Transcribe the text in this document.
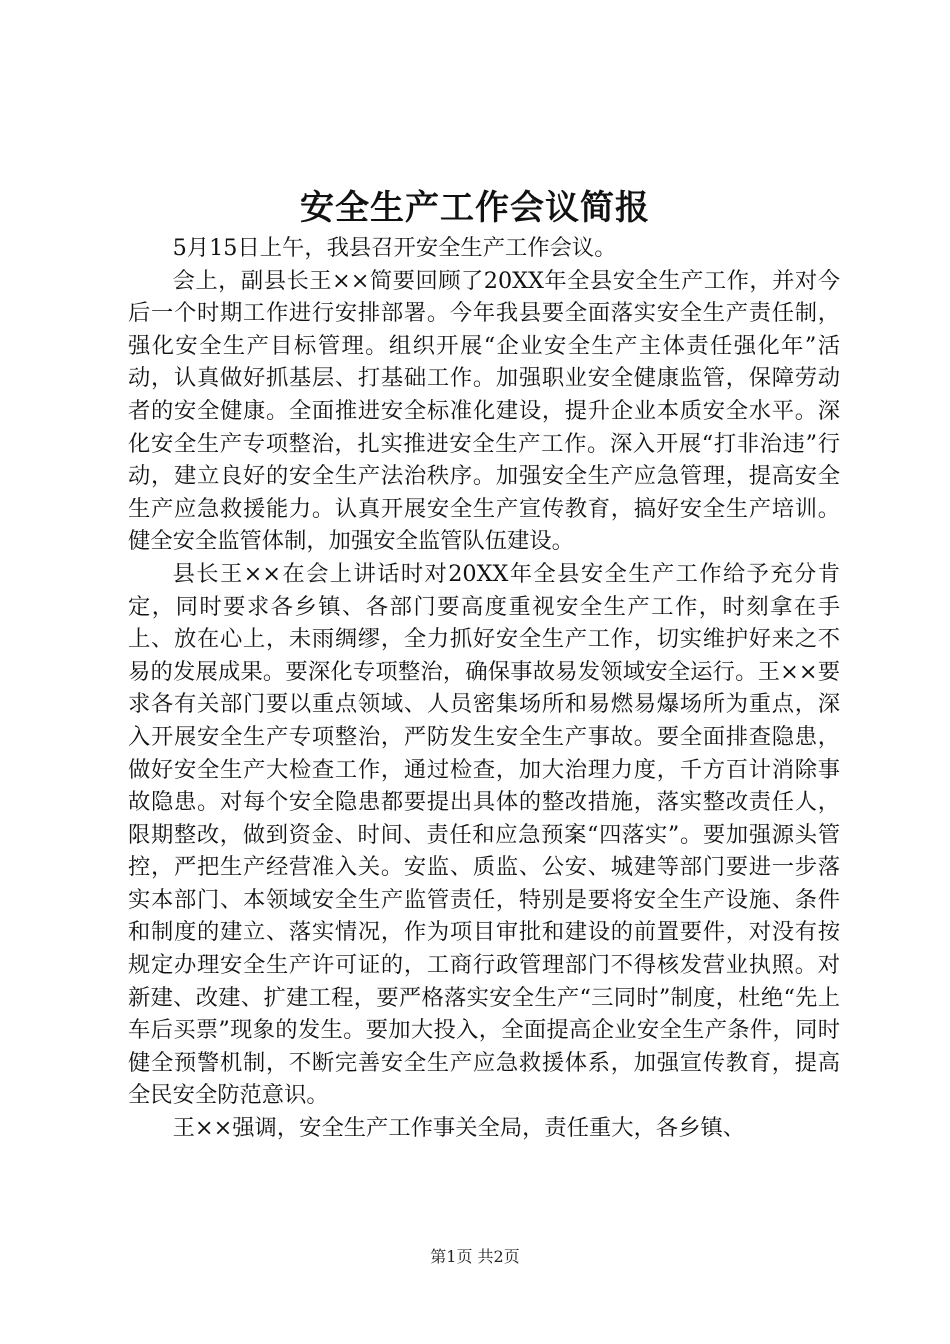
安全生产工作会议简报

5月15日上午，我县召开安全生产工作会议。

会上，副县长王××简要回顾了20XX年全县安全生产工作，并对今后一个时期工作进行安排部署。今年我县要全面落实安全生产责任制，强化安全生产目标管理。组织开展“企业安全生产主体责任强化年”活动，认真做好抓基层、打基础工作。加强职业安全健康监管，保障劳动者的安全健康。全面推进安全标准化建设，提升企业本质安全水平。深化安全生产专项整治，扎实推进安全生产工作。深入开展“打非治违”行动，建立良好的安全生产法治秩序。加强安全生产应急管理，提高安全生产应急救援能力。认真开展安全生产宣传教育，搞好安全生产培训。健全安全监管体制，加强安全监管队伍建设。

县长王××在会上讲话时对20XX年全县安全生产工作给予充分肯定，同时要求各乡镇、各部门要高度重视安全生产工作，时刻拿在手上、放在心上，未雨绸缪，全力抓好安全生产工作，切实维护好来之不易的发展成果。要深化专项整治，确保事故易发领域安全运行。王××要求各有关部门要以重点领域、人员密集场所和易燃易爆场所为重点，深入开展安全生产专项整治，严防发生安全生产事故。要全面排查隐患，做好安全生产大检查工作，通过检查，加大治理力度，千方百计消除事故隐患。对每个安全隐患都要提出具体的整改措施，落实整改责任人，限期整改，做到资金、时间、责任和应急预案“四落实”。要加强源头管控，严把生产经营准入关。安监、质监、公安、城建等部门要进一步落实本部门、本领域安全生产监管责任，特别是要将安全生产设施、条件和制度的建立、落实情况，作为项目审批和建设的前置要件，对没有按规定办理安全生产许可证的，工商行政管理部门不得核发营业执照。对新建、改建、扩建工程，要严格落实安全生产“三同时”制度，杜绝“先上车后买票”现象的发生。要加大投入，全面提高企业安全生产条件，同时健全预警机制，不断完善安全生产应急救援体系，加强宣传教育，提高全民安全防范意识。

王××强调，安全生产工作事关全局，责任重大，各乡镇、

第1页 共2页
